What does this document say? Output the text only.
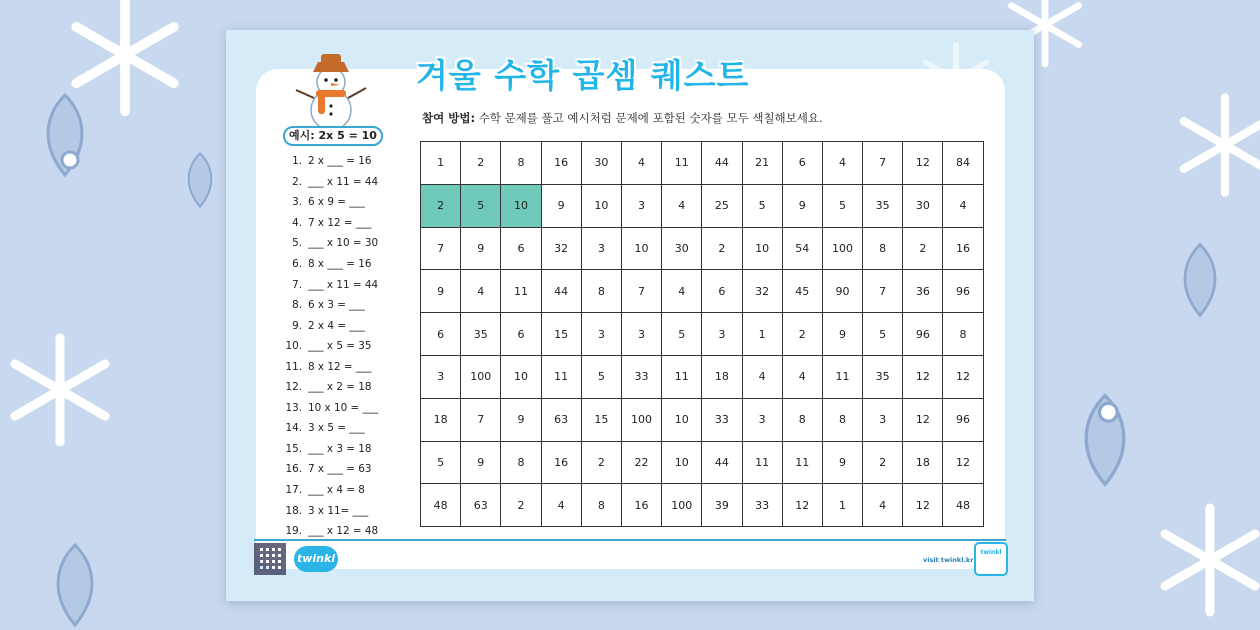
겨울 수학 곱셈 퀘스트
참여 방법: 수학 문제를 풀고 예시처럼 문제에 포함된 숫자를 모두 색칠해보세요.
예시: 2x 5 = 10
1. 2 x ___ = 16
2. ___ x 11 = 44
3. 6 x 9 = ___
4. 7 x 12 = ___
5. ___ x 10 = 30
6. 8 x ___ = 16
7. ___ x 11 = 44
8. 6 x 3 = ___
9. 2 x 4 = ___
10. ___ x 5 = 35
11. 8 x 12 = ___
12. ___ x 2 = 18
13. 10 x 10 = ___
14. 3 x 5 = ___
15. ___ x 3 = 18
16. 7 x ___ = 63
17. ___ x 4 = 8
18. 3 x 11= ___
19. ___ x 12 = 48
1	2	8	16	30	4	11	44	21	6	4	7	12	84
2	5	10	9	10	3	4	25	5	9	5	35	30	4
7	9	6	32	3	10	30	2	10	54	100	8	2	16
9	4	11	44	8	7	4	6	32	45	90	7	36	96
6	35	6	15	3	3	5	3	1	2	9	5	96	8
3	100	10	11	5	33	11	18	4	4	11	35	12	12
18	7	9	63	15	100	10	33	3	8	8	3	12	96
5	9	8	16	2	22	10	44	11	11	9	2	18	12
48	63	2	4	8	16	100	39	33	12	1	4	12	48
twinkl	visit twinkl.kr
twinkl
